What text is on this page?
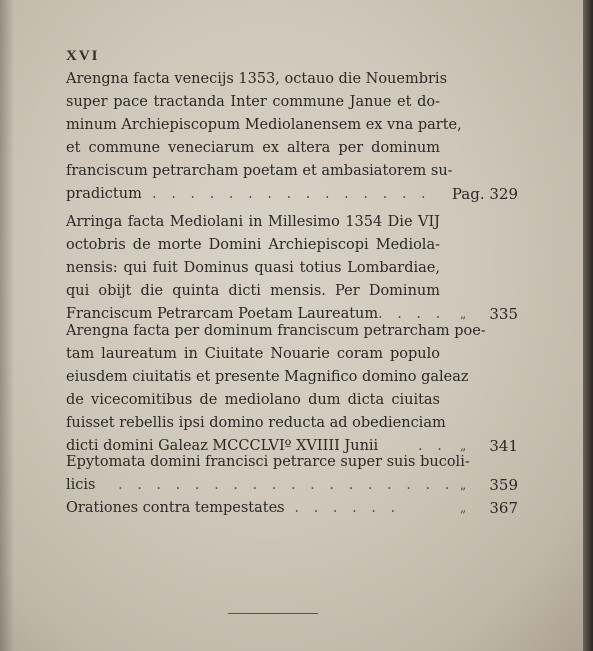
XVI
Arengna facta venecijs 1353, octauo die Nouembris
super pace tractanda Inter commune Janue et do-
minum Archiepiscopum Mediolanensem ex vna parte,
et commune veneciarum ex altera per dominum
franciscum petrarcham poetam et ambasiatorem su-
pradictum . . . . . . . . . . . . . . . Pag. 329
Arringa facta Mediolani in Millesimo 1354 Die VIJ
octobris de morte Domini Archiepiscopi Mediola-
nensis: qui fuit Dominus quasi totius Lombardiae,
qui obijt die quinta dicti mensis. Per Dominum
Franciscum Petrarcam Poetam Laureatum . . . . „ 335
Arengna facta per dominum franciscum petrarcham poe-
tam laureatum in Ciuitate Nouarie coram populo
eiusdem ciuitatis et presente Magnifico domino galeaz
de vicecomitibus de mediolano dum dicta ciuitas
fuisset rebellis ipsi domino reducta ad obedienciam
dicti domini Galeaz MCCCLVIº XVIIII Junii	. . „ 341
Epytomata domini francisci petrarce super suis bucoli-
licis . . . . . . . . . . . . . . . . . . „ 359
Orationes contra tempestates
. . . . . . . .	„ 367
